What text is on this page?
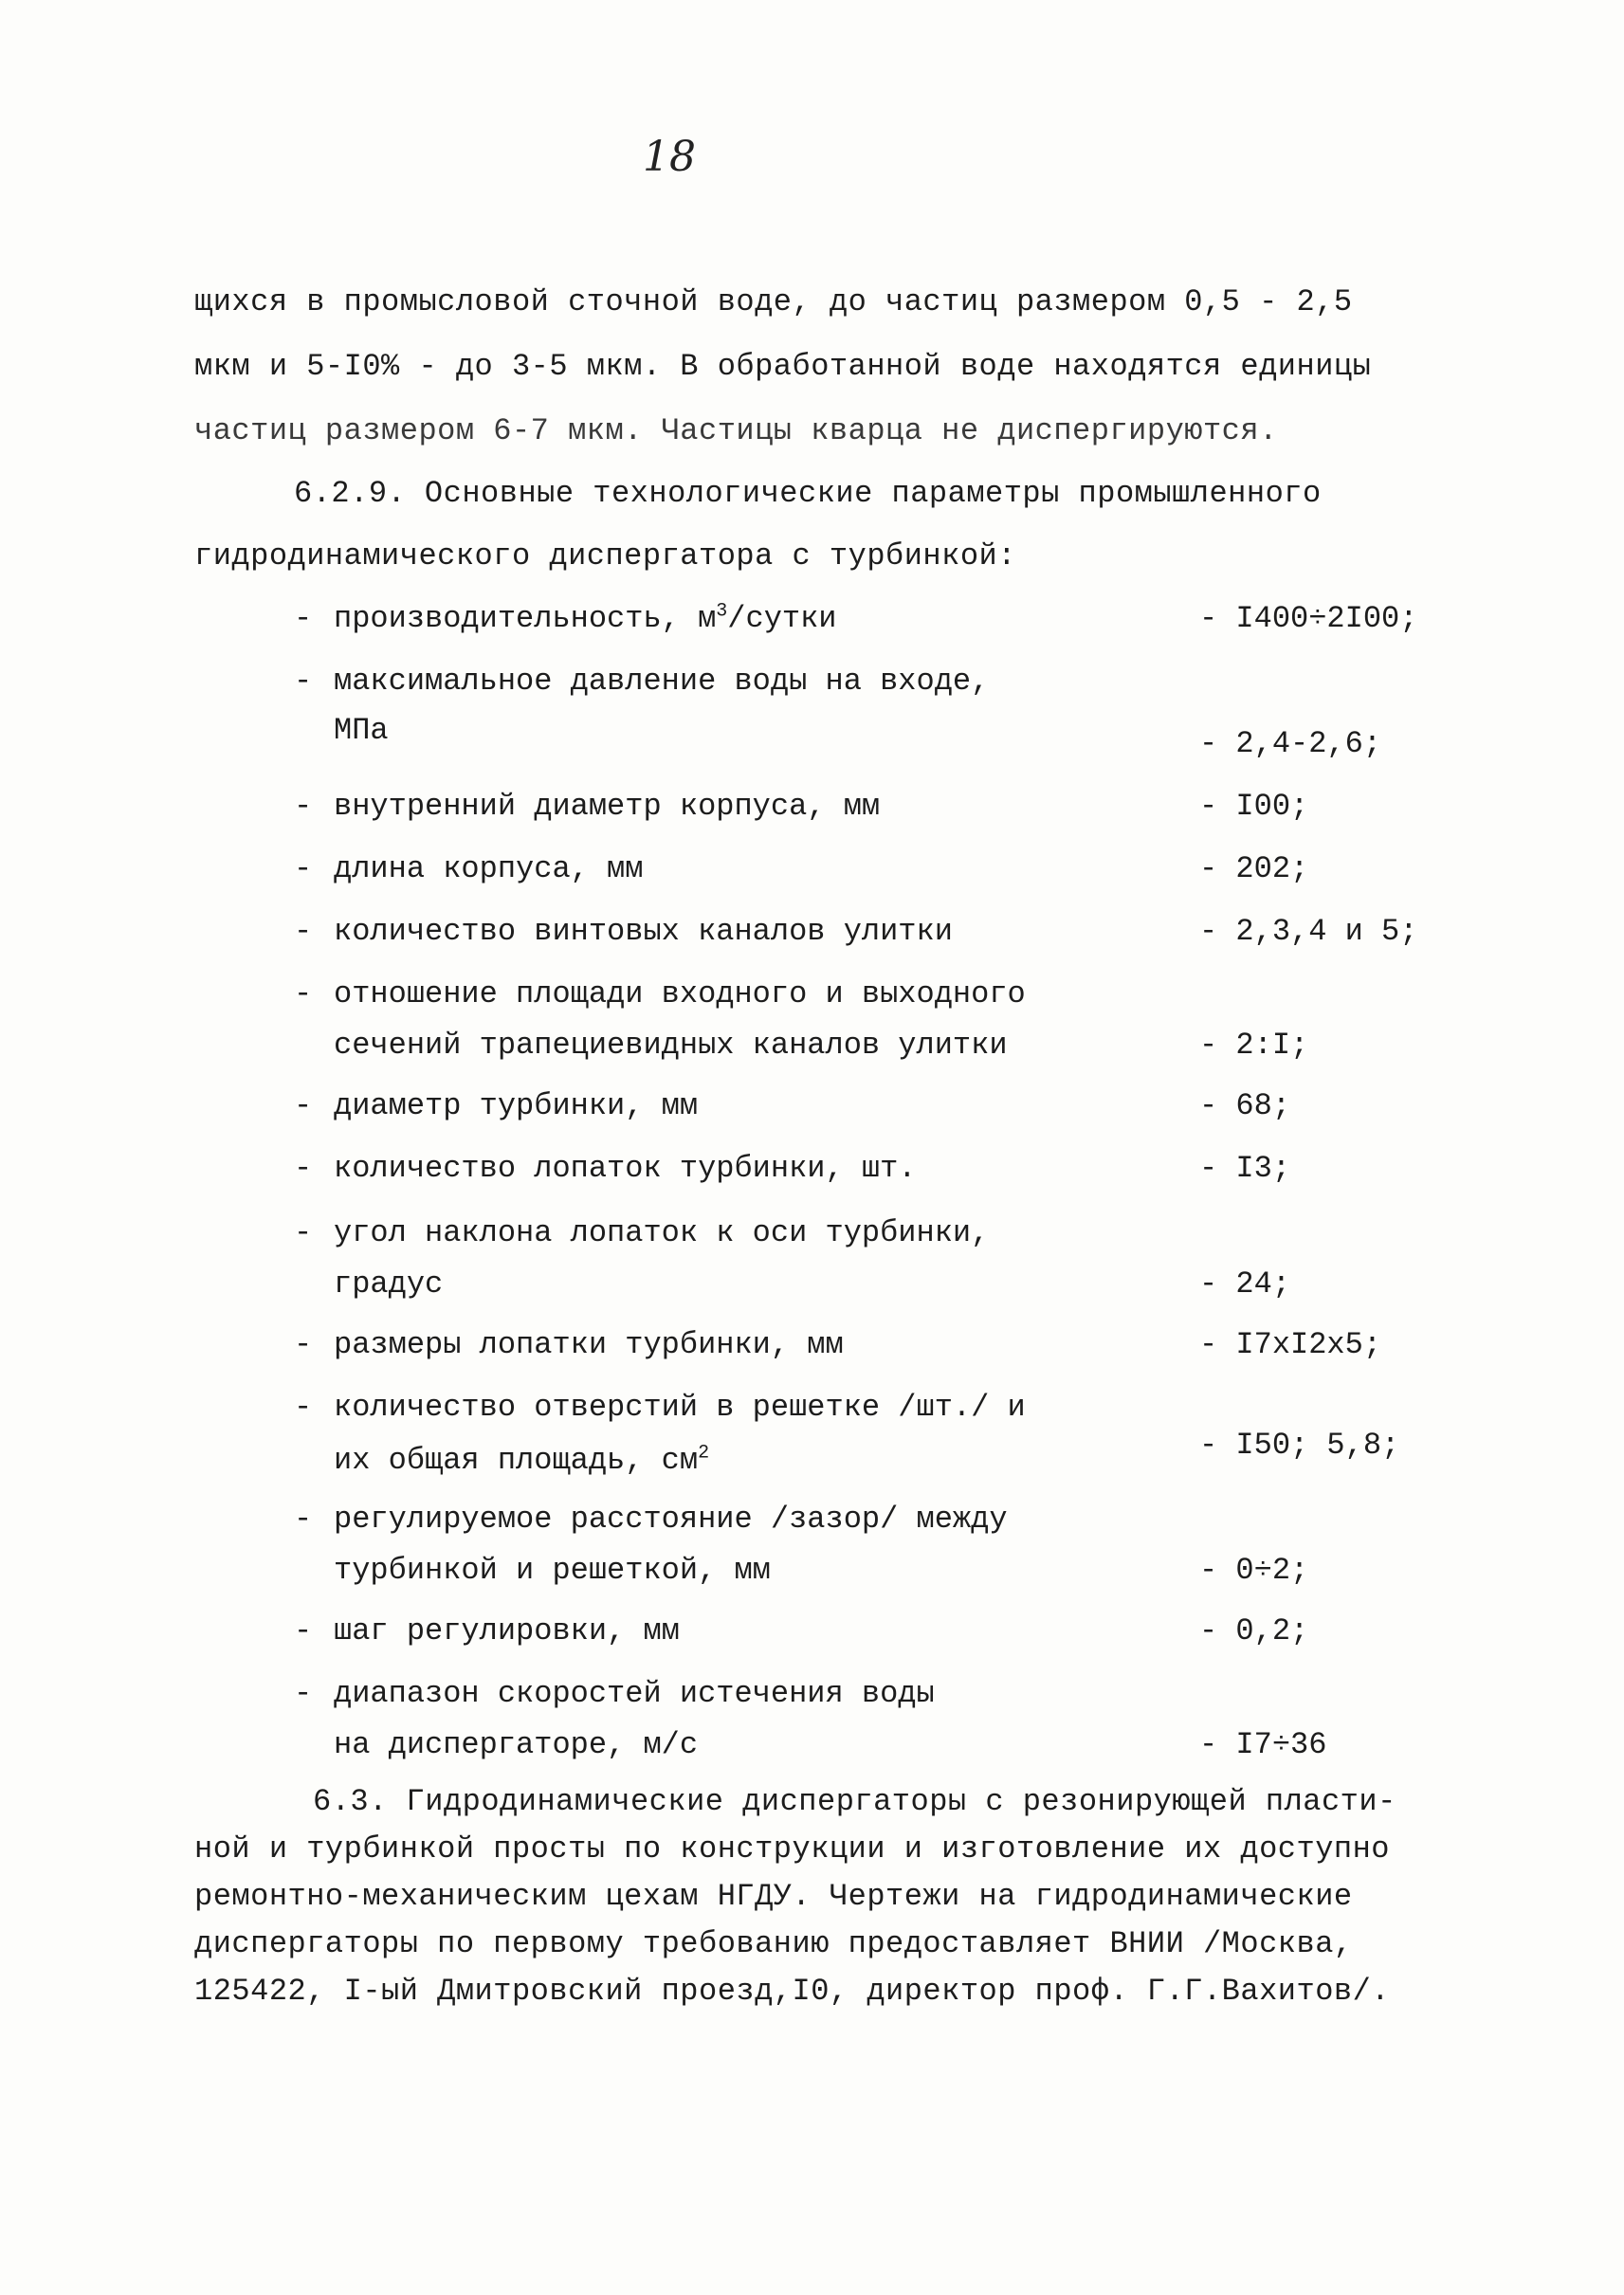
18
щихся в промысловой сточной воде, до частиц размером 0,5 - 2,5
мкм и 5-I0% - до 3-5 мкм. В обработанной воде находятся единицы
частиц размером 6-7 мкм. Частицы кварца не диспергируются.
6.2.9. Основные технологические параметры промышленного
гидродинамического диспергатора с турбинкой:
- производительность, $м^3$/сутки	- I400÷2I00;
- максимальное давление воды на входе,
МПа	- 2,4-2,6;
- внутренний диаметр корпуса, мм	- I00;
- длина корпуса, мм	- 202;
- количество винтовых каналов улитки	- 2,3,4 и 5;
- отношение площади входного и выходного
сечений трапециевидных каналов улитки	- 2:I;
- диаметр турбинки, мм	- 68;
- количество лопаток турбинки, шт.	- I3;
- угол наклона лопаток к оси турбинки,
градус	- 24;
- размеры лопатки турбинки, мм	- I7xI2x5;
- количество отверстий в решетке /шт./ и
их общая площадь, $см^2$	- I50; 5,8;
- регулируемое расстояние /зазор/ между
турбинкой и решеткой, мм	- 0÷2;
- шаг регулировки, мм	- 0,2;
- диапазон скоростей истечения воды
на диспергаторе, м/с	- I7÷36
6.3. Гидродинамические диспергаторы с резонирующей пласти-
ной и турбинкой просты по конструкции и изготовление их доступно
ремонтно-механическим цехам НГДУ. Чертежи на гидродинамические
диспергаторы по первому требованию предоставляет ВНИИ /Москва,
125422, I-ый Дмитровский проезд,I0, директор проф. Г.Г.Вахитов/.
